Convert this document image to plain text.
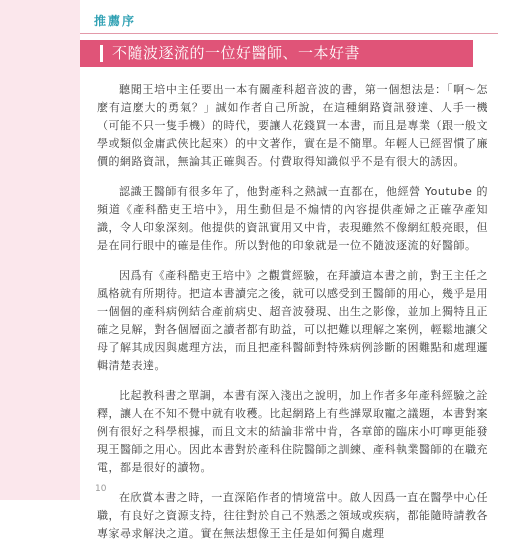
推薦序
不隨波逐流的一位好醫師、一本好書

聽聞王培中主任要出一本有關產科超音波的書，第一個想法是：「啊～怎麼有這麼大的勇氣？」誠如作者自己所說，在這種網路資訊發達、人手一機（可能不只一隻手機）的時代，要讓人花錢買一本書，而且是專業（跟一般文學或類似金庸武俠比起來）的中文著作，實在是不簡單。年輕人已經習慣了廉價的網路資訊，無論其正確與否。付費取得知識似乎不是有很大的誘因。

認識王醫師有很多年了，他對產科之熱誠一直都在，他經營 Youtube 的頻道《產科酷吏王培中》，用生動但是不煽情的內容提供產婦之正確孕產知識，令人印象深刻。他提供的資訊實用又中肯，表現雖然不像網紅般亮眼，但是在同行眼中的確是佳作。所以對他的印象就是一位不隨波逐流的好醫師。

因爲有《產科酷吏王培中》之觀賞經驗，在拜讀這本書之前，對王主任之風格就有所期待。把這本書讀完之後，就可以感受到王醫師的用心，幾乎是用一個個的產科病例結合產前病史、超音波發現、出生之影像，並加上獨特且正確之見解，對各個層面之讀者都有助益，可以把難以理解之案例，輕鬆地讓父母了解其成因與處理方法，而且把產科醫師對特殊病例診斷的困難點和處理邏輯清楚表達。

比起教科書之單調，本書有深入淺出之說明，加上作者多年產科經驗之詮釋，讓人在不知不覺中就有收穫。比起網路上有些譁眾取寵之議題，本書對案例有很好之科學根據，而且文末的結論非常中肯，各章節的臨床小叮嚀更能發現王醫師之用心。因此本書對於產科住院醫師之訓練、產科執業醫師的在職充電，都是很好的讀物。

在欣賞本書之時，一直深陷作者的情境當中。啟人因爲一直在醫學中心任職，有良好之資源支持，往往對於自己不熟悉之領域或疾病，都能隨時請教各專家尋求解決之道。實在無法想像王主任是如何獨自處理

10
